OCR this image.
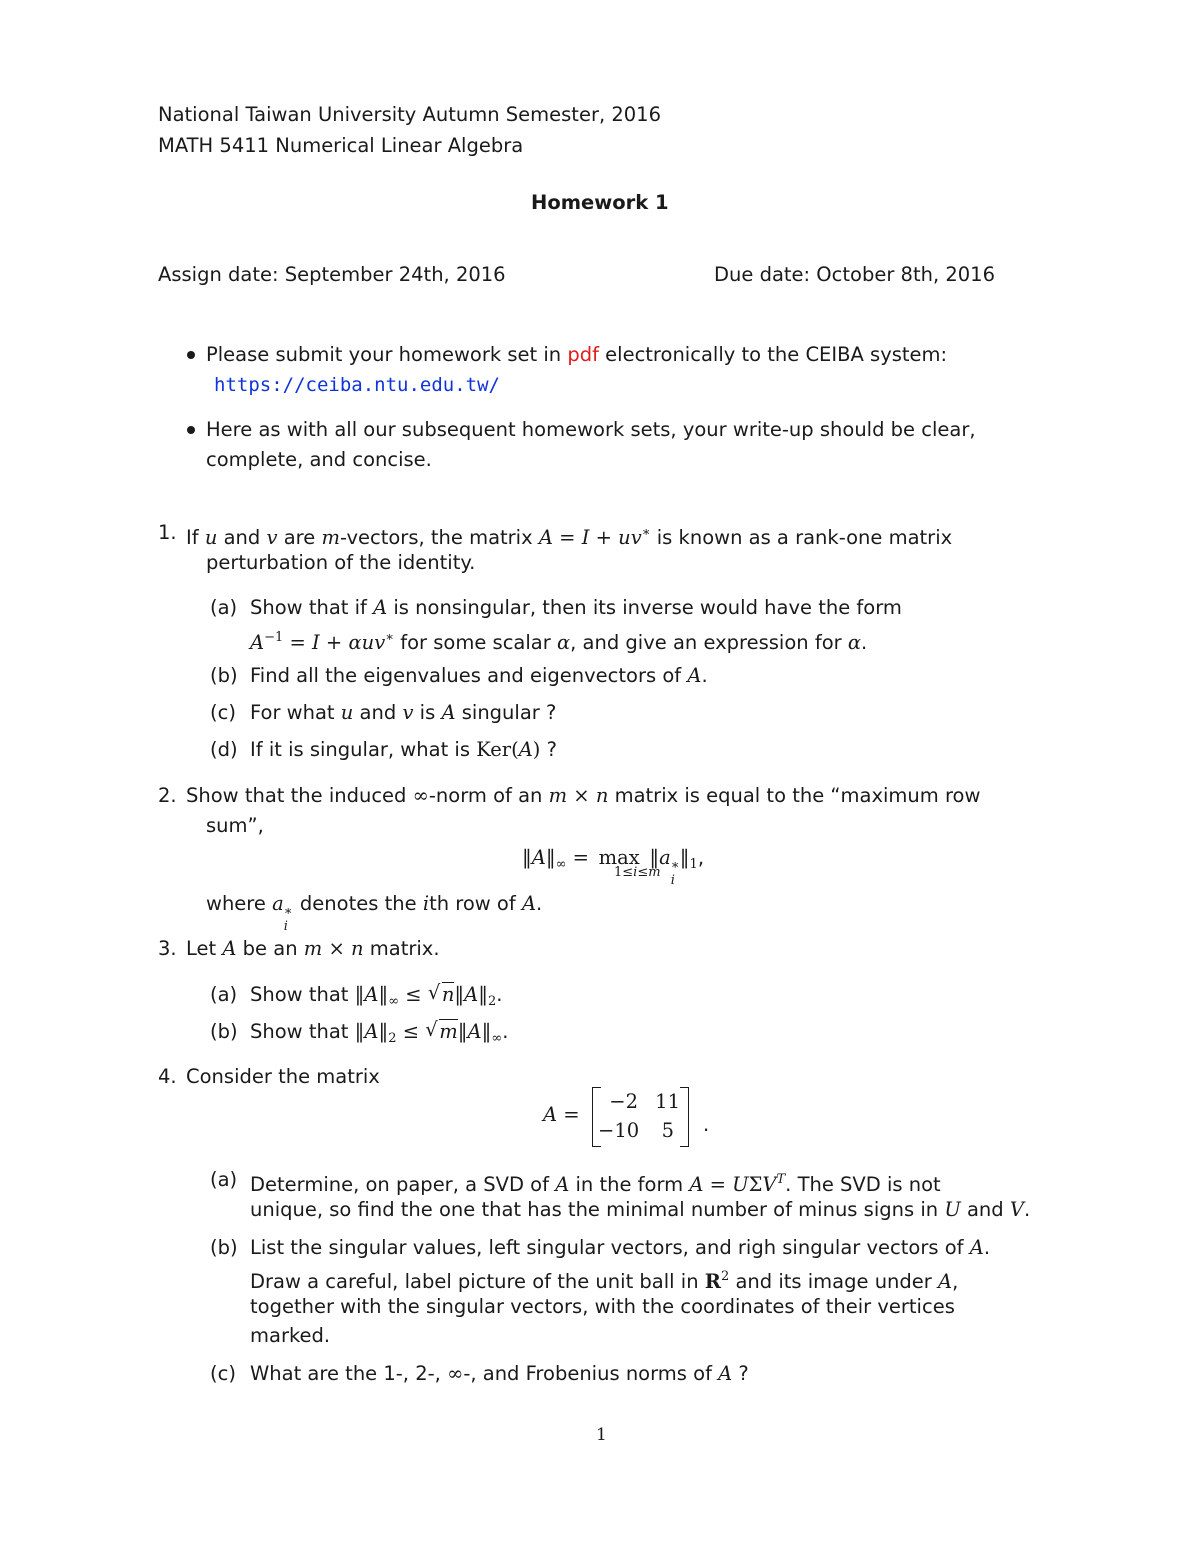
National Taiwan University Autumn Semester, 2016
MATH 5411 Numerical Linear Algebra
Homework 1
Assign date: September 24th, 2016	Due date: October 8th, 2016
Please submit your homework set in pdf electronically to the CEIBA system:
https://ceiba.ntu.edu.tw/
Here as with all our subsequent homework sets, your write-up should be clear,
complete, and concise.
1. If u and v are m-vectors, the matrix A = I + uv∗ is known as a rank-one matrix
perturbation of the identity.
(a) Show that if A is nonsingular, then its inverse would have the form
$A^{-1} = I + \alpha uv^∗$ for some scalar α, and give an expression for α.
(b) Find all the eigenvalues and eigenvectors of A.
(c) For what u and v is A singular ?
(d) If it is singular, what is Ker(A) ?
2. Show that the induced ∞-norm of an m × n matrix is equal to the “maximum row
sum”,
$‖A‖_\infty = \max$ ‖a ∗
i
$‖_1$,
1≤i≤m
where a ∗
i
denotes the ith row of A.
3. Let A be an m × n matrix.
(a) Show that $‖A‖_\infty$ ≤ √ $n‖A‖_2$.
(b) Show that $‖A‖_2$ ≤ √ $m‖A‖_\infty$.
4. Consider the matrix
A =
−2 11
−10	5 .
(a) Determine, on paper, a SVD of A in the form $A = U\Sigma V^T$. The SVD is not
unique, so find the one that has the minimal number of minus signs in U and V.
(b) List the singular values, left singular vectors, and righ singular vectors of A.
Draw a careful, label picture of the unit ball in $R^2$ and its image under A,
together with the singular vectors, with the coordinates of their vertices
marked.
(c) What are the 1-, 2-, ∞-, and Frobenius norms of A ?
1
